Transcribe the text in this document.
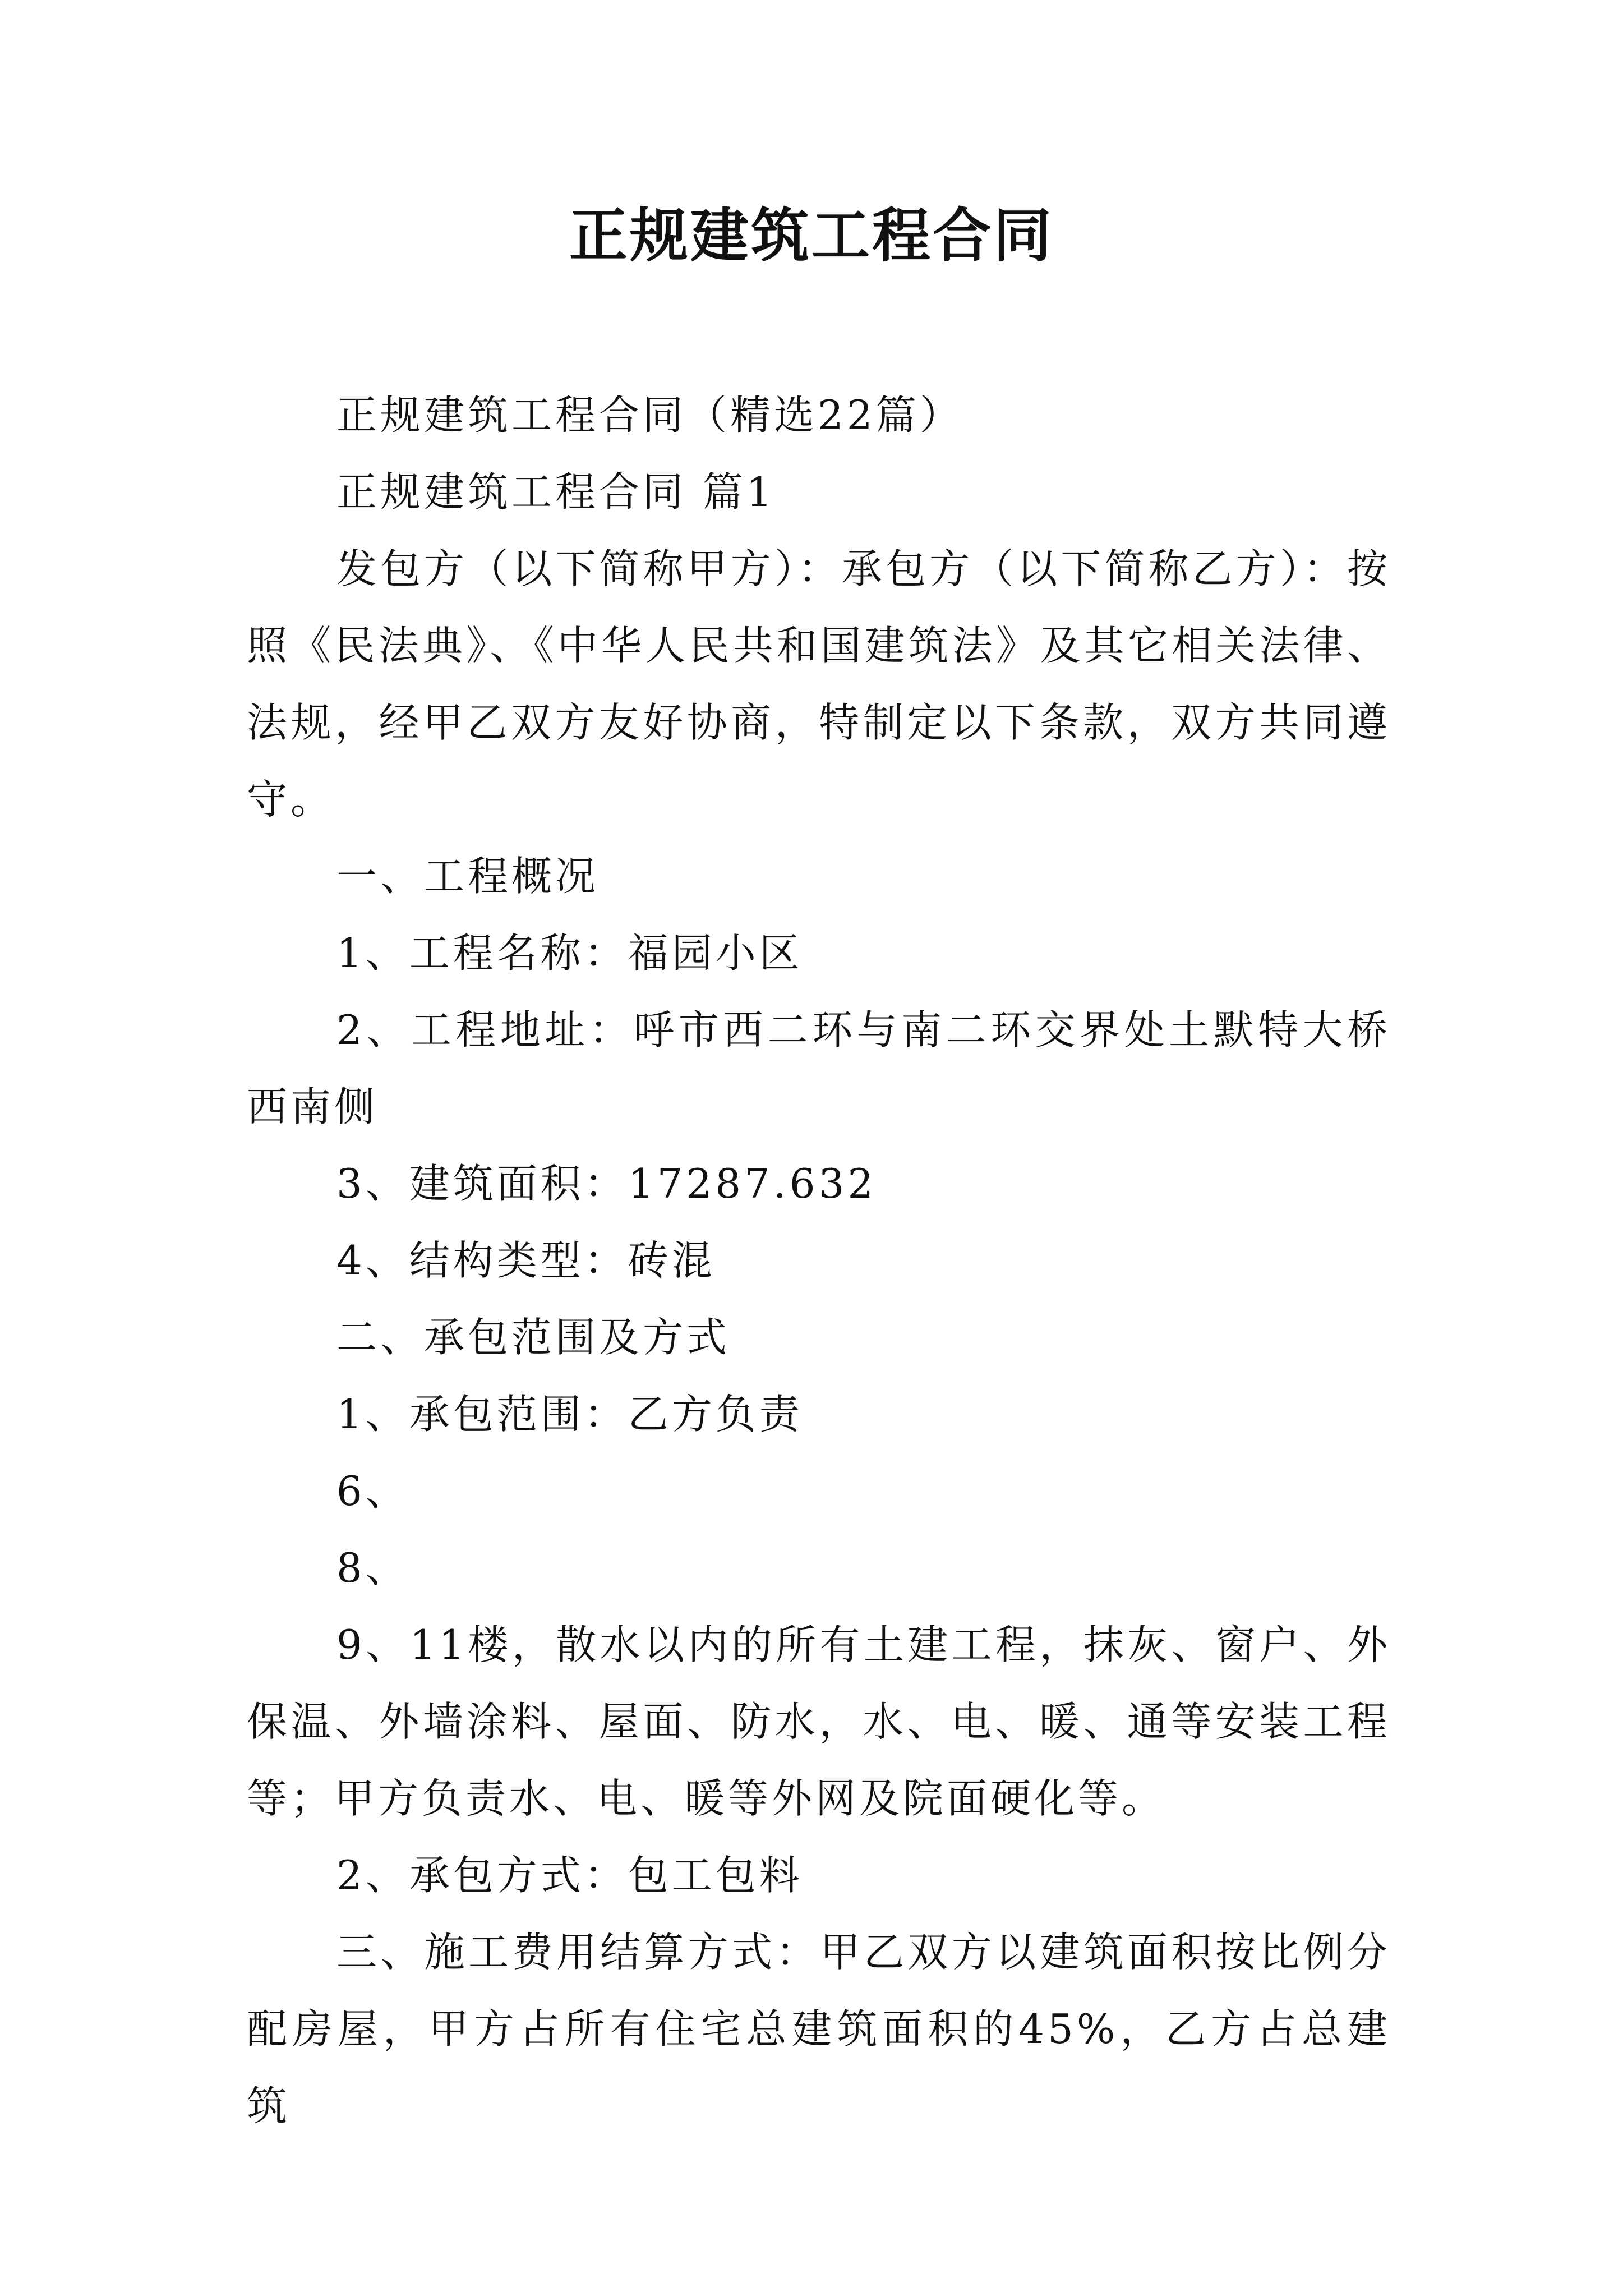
正规建筑工程合同

正规建筑工程合同（精选22篇）

正规建筑工程合同 篇1

发包方（以下简称甲方）：承包方（以下简称乙方）：按照《民法典》、《中华人民共和国建筑法》及其它相关法律、法规，经甲乙双方友好协商，特制定以下条款，双方共同遵守。

一、工程概况

1、工程名称：福园小区

2、工程地址：呼市西二环与南二环交界处土默特大桥西南侧

3、建筑面积：17287.632

4、结构类型：砖混

二、承包范围及方式

1、承包范围：乙方负责

6、

8、

9、11楼，散水以内的所有土建工程，抹灰、窗户、外保温、外墙涂料、屋面、防水，水、电、暖、通等安装工程等；甲方负责水、电、暖等外网及院面硬化等。

2、承包方式：包工包料

三、施工费用结算方式：甲乙双方以建筑面积按比例分配房屋，甲方占所有住宅总建筑面积的45%，乙方占总建筑
